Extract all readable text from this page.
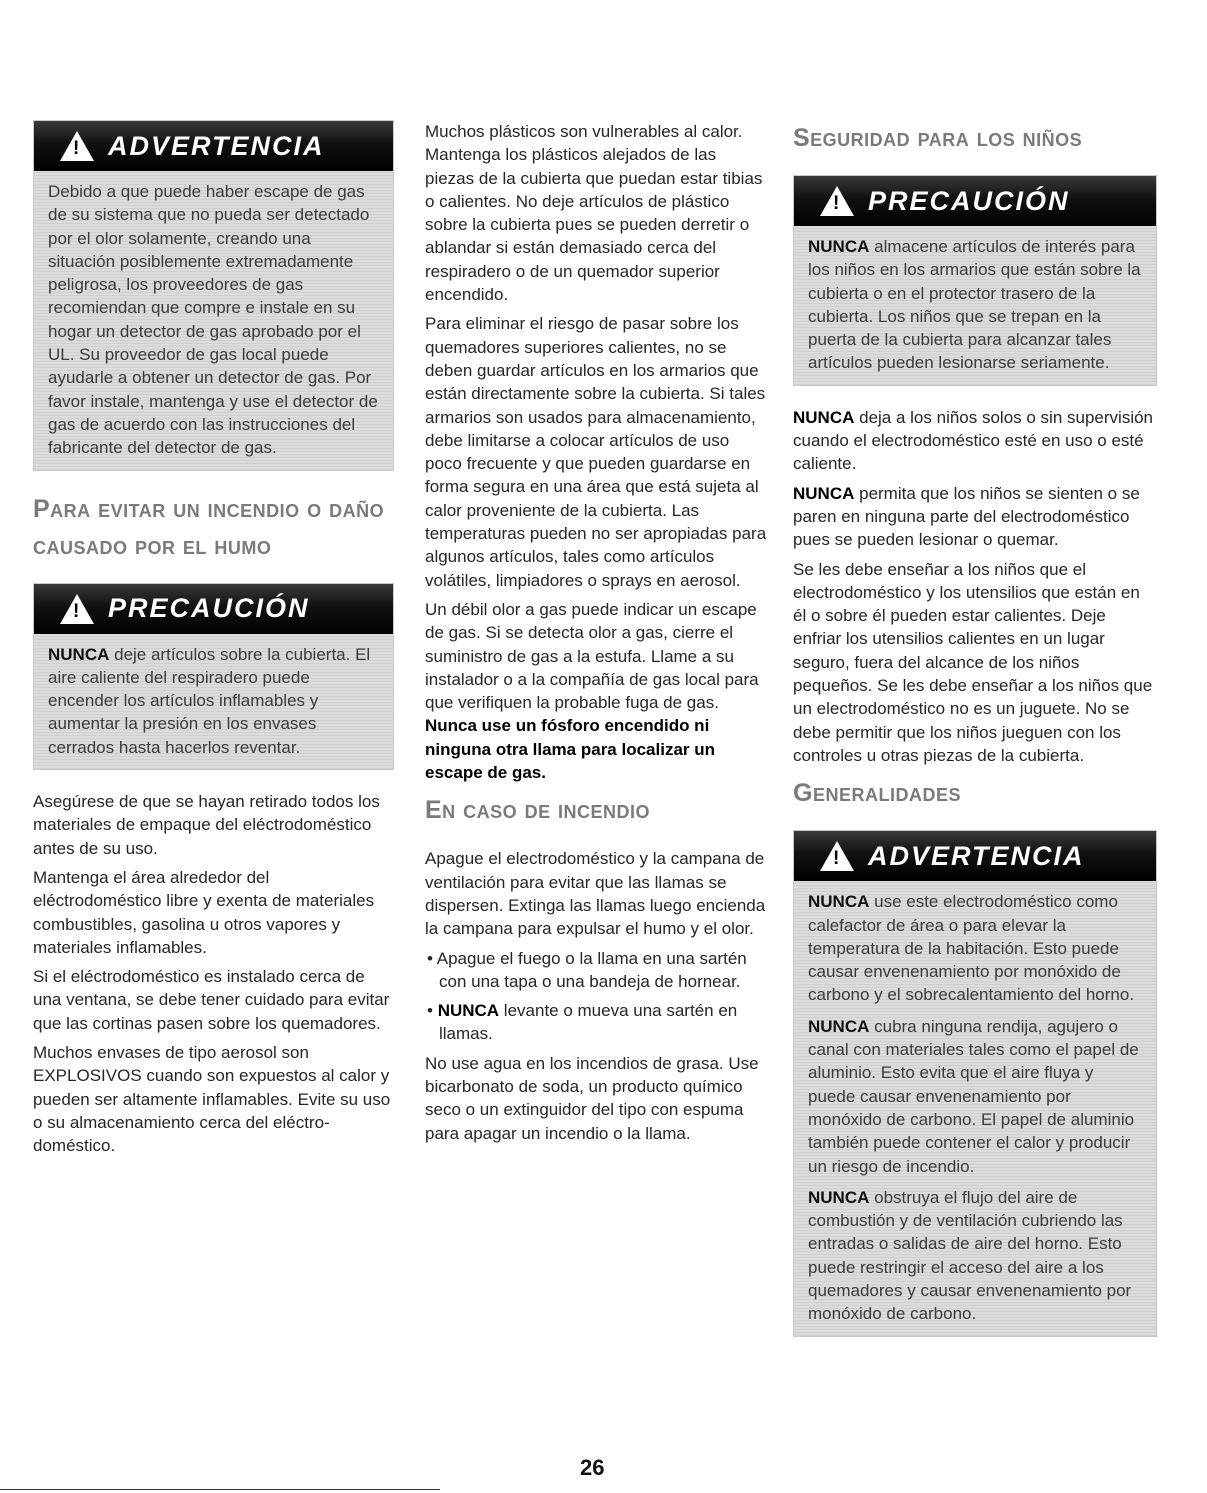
! ADVERTENCIA
Debido a que puede haber escape de gas de su sistema que no pueda ser detectado por el olor solamente, creando una situación posiblemente extremadamente peligrosa, los proveedores de gas recomiendan que compre e instale en su hogar un detector de gas aprobado por el UL. Su proveedor de gas local puede ayudarle a obtener un detector de gas. Por favor instale, mantenga y use el detector de gas de acuerdo con las instrucciones del fabricante del detector de gas.
Para evitar un incendio o daño causado por el humo
! PRECAUCIÓN
NUNCA deje artículos sobre la cubierta. El aire caliente del respiradero puede encender los artículos inflamables y aumentar la presión en los envases cerrados hasta hacerlos reventar.

Asegúrese de que se hayan retirado todos los materiales de empaque del eléctrodoméstico antes de su uso.

Mantenga el área alrededor del eléctrodoméstico libre y exenta de materiales combustibles, gasolina u otros vapores y materiales inflamables.

Si el eléctrodoméstico es instalado cerca de una ventana, se debe tener cuidado para evitar que las cortinas pasen sobre los quemadores.

Muchos envases de tipo aerosol son EXPLOSIVOS cuando son expuestos al calor y pueden ser altamente inflamables. Evite su uso o su almacenamiento cerca del eléctro-doméstico.

Muchos plásticos son vulnerables al calor. Mantenga los plásticos alejados de las piezas de la cubierta que puedan estar tibias o calientes. No deje artículos de plástico sobre la cubierta pues se pueden derretir o ablandar si están demasiado cerca del respiradero o de un quemador superior encendido.

Para eliminar el riesgo de pasar sobre los quemadores superiores calientes, no se deben guardar artículos en los armarios que están directamente sobre la cubierta. Si tales armarios son usados para almacenamiento, debe limitarse a colocar artículos de uso poco frecuente y que pueden guardarse en forma segura en una área que está sujeta al calor proveniente de la cubierta. Las temperaturas pueden no ser apropiadas para algunos artículos, tales como artículos volátiles, limpiadores o sprays en aerosol.

Un débil olor a gas puede indicar un escape de gas. Si se detecta olor a gas, cierre el suministro de gas a la estufa. Llame a su instalador o a la compañía de gas local para que verifiquen la probable fuga de gas. Nunca use un fósforo encendido ni ninguna otra llama para localizar un escape de gas.

En caso de incendio

Apague el electrodoméstico y la campana de ventilación para evitar que las llamas se dispersen. Extinga las llamas luego encienda la campana para expulsar el humo y el olor.

• Apague el fuego o la llama en una sartén con una tapa o una bandeja de hornear.

• NUNCA levante o mueva una sartén en llamas.

No use agua en los incendios de grasa. Use bicarbonato de soda, un producto químico seco o un extinguidor del tipo con espuma para apagar un incendio o la llama.

Seguridad para los niños
! PRECAUCIÓN
NUNCA almacene artículos de interés para los niños en los armarios que están sobre la cubierta o en el protector trasero de la cubierta. Los niños que se trepan en la puerta de la cubierta para alcanzar tales artículos pueden lesionarse seriamente.

NUNCA deja a los niños solos o sin supervisión cuando el electrodoméstico esté en uso o esté caliente.

NUNCA permita que los niños se sienten o se paren en ninguna parte del electrodoméstico pues se pueden lesionar o quemar.

Se les debe enseñar a los niños que el electrodoméstico y los utensilios que están en él o sobre él pueden estar calientes. Deje enfriar los utensilios calientes en un lugar seguro, fuera del alcance de los niños pequeños. Se les debe enseñar a los niños que un electrodoméstico no es un juguete. No se debe permitir que los niños jueguen con los controles u otras piezas de la cubierta.

Generalidades
! ADVERTENCIA

NUNCA use este electrodoméstico como calefactor de área o para elevar la temperatura de la habitación. Esto puede causar envenenamiento por monóxido de carbono y el sobrecalentamiento del horno.

NUNCA cubra ninguna rendija, agujero o canal con materiales tales como el papel de aluminio. Esto evita que el aire fluya y puede causar envenenamiento por monóxido de carbono. El papel de aluminio también puede contener el calor y producir un riesgo de incendio.

NUNCA obstruya el flujo del aire de combustión y de ventilación cubriendo las entradas o salidas de aire del horno. Esto puede restringir el acceso del aire a los quemadores y causar envenenamiento por monóxido de carbono.

26
